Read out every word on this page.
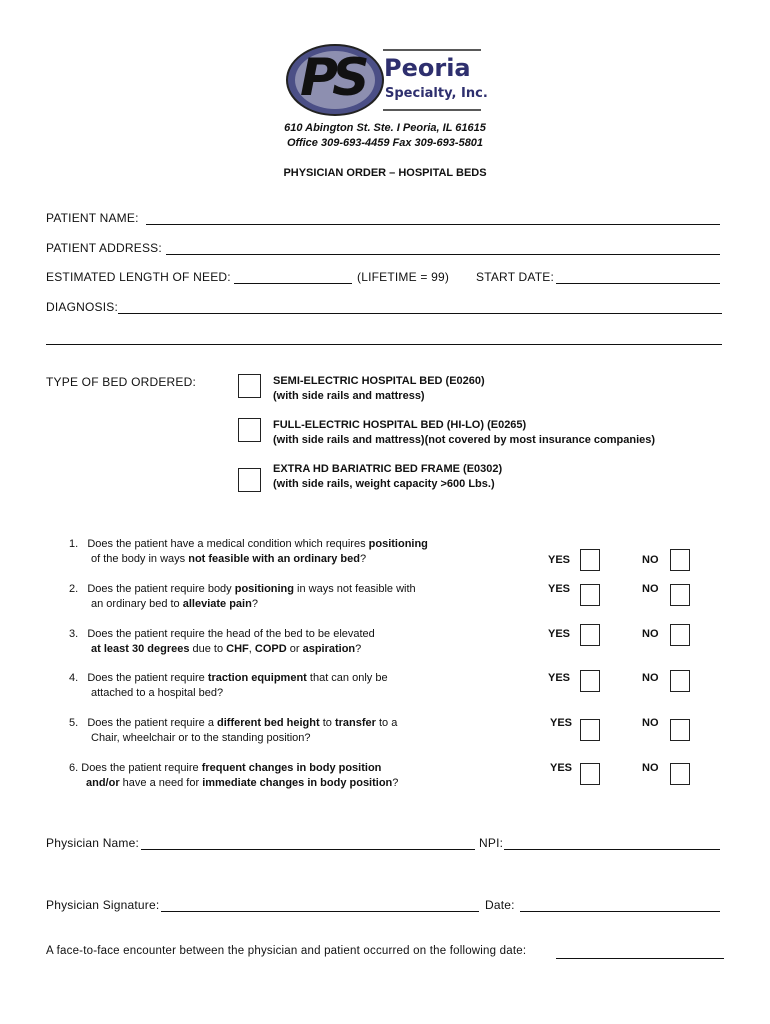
PS Peoria
Specialty, Inc.
610 Abington St. Ste. I Peoria, IL 61615
Office 309-693-4459 Fax 309-693-5801
PHYSICIAN ORDER – HOSPITAL BEDS
PATIENT NAME:
PATIENT ADDRESS:
ESTIMATED LENGTH OF NEED:	(LIFETIME = 99) START DATE:
DIAGNOSIS:
TYPE OF BED ORDERED:	SEMI-ELECTRIC HOSPITAL BED (E0260)
(with side rails and mattress)
FULL-ELECTRIC HOSPITAL BED (HI-LO) (E0265)
(with side rails and mattress)(not covered by most insurance companies)
EXTRA HD BARIATRIC BED FRAME (E0302)
(with side rails, weight capacity >600 Lbs.)
1. Does the patient have a medical condition which requires positioning
of the body in ways not feasible with an ordinary bed?	YES	NO
2. Does the patient require body positioning in ways not feasible with
an ordinary bed to alleviate pain?
YES	NO
3. Does the patient require the head of the bed to be elevated
at least 30 degrees due to CHF, COPD or aspiration?
YES	NO
4. Does the patient require traction equipment that can only be
attached to a hospital bed?
YES	NO
5. Does the patient require a different bed height to transfer to a
Chair, wheelchair or to the standing position?
YES	NO
6. Does the patient require frequent changes in body position
and/or have a need for immediate changes in body position?
YES	NO
Physician Name:	NPI:
Physician Signature:	Date:
A face-to-face encounter between the physician and patient occurred on the following date:
